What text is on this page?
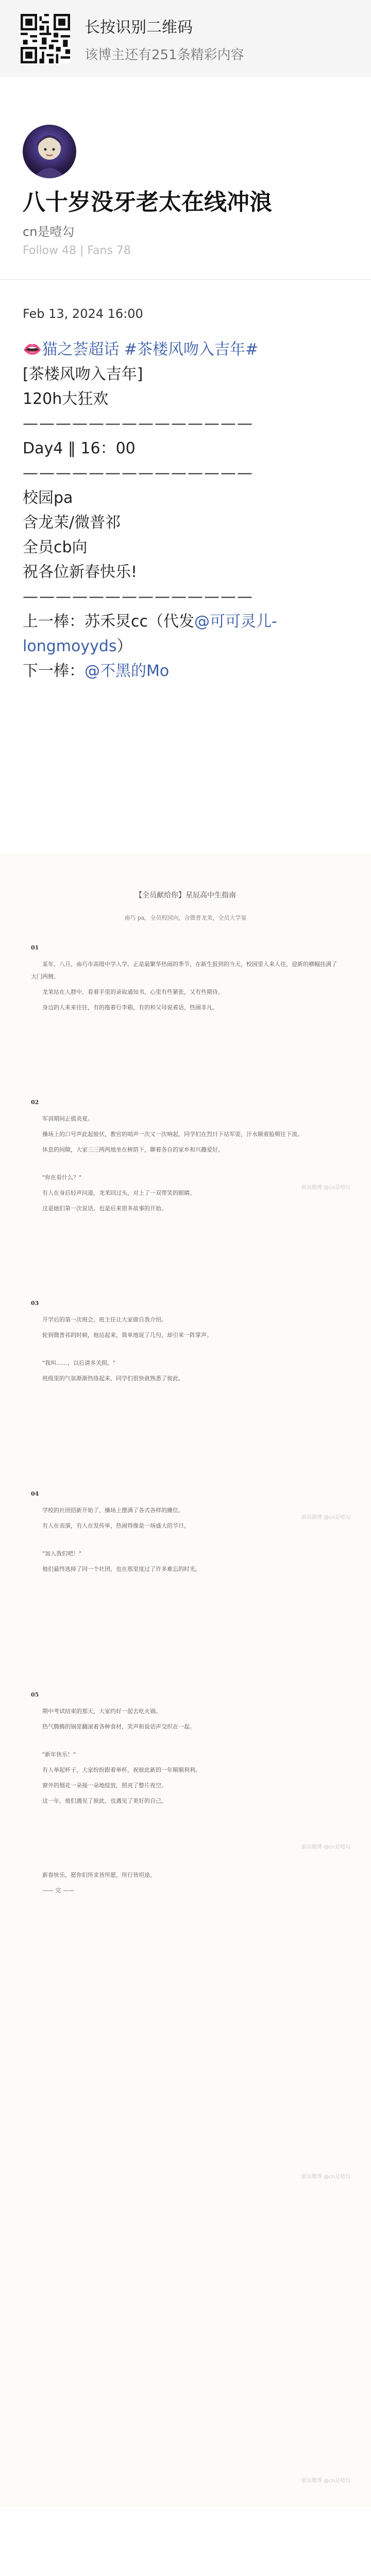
长按识别二维码
该博主还有251条精彩内容
八十岁没牙老太在线冲浪
cn是噎勾
Follow 48 | Fans 78

Feb 13, 2024 16:00

👄猫之荟超话 #茶楼风吻入吉年#

[茶楼风吻入吉年]

120h大狂欢

——————————————

Day4 ‖ 16：00

——————————————

校园pa

含龙茉/微普祁

全员cb向

祝各位新春快乐!

——————————————

上一棒：苏禾炅cc（代发@可可灵儿-longmoyyds）

下一棒：@不黑的Mo

【全员献给你】星辰高中生指南
南巧 pa，全员校园向，含微普龙茉，全员大学宴
01

某年，八月，南巧市高级中学入学。正是最繁华热闹的季节，在新生报到的当天，校园里人来人往，迎新的横幅挂满了大门两侧。

龙茉站在人群中，看着手里的录取通知书，心里有些紧张，又有些期待。

身边的人来来往往，有的拖着行李箱，有的和父母说着话，热闹非凡。

02

军训期间正值炎夏。

操场上的口号声此起彼伏，教官的哨声一次又一次响起，同学们在烈日下站军姿，汗水顺着脸颊往下流。

休息的间隙，大家三三两两地坐在树荫下，聊着各自的家乡和兴趣爱好。

"你在看什么？"

有人在身后轻声问道，龙茉回过头，对上了一双带笑的眼睛。

这是她们第一次说话，也是后来很多故事的开始。

03

开学后的第一次班会，班主任让大家做自我介绍。

轮到微普祁的时候，他站起来，简单地说了几句，却引来一阵掌声。

"我叫……，以后请多关照。"

班级里的气氛渐渐热络起来，同学们很快就熟悉了彼此。

04

学校的社团招新开始了，操场上摆满了各式各样的摊位。

有人在表演，有人在发传单，热闹得像是一场盛大的节日。

"加入我们吧！"

他们最终选择了同一个社团，也在那里度过了许多难忘的时光。

05

期中考试结束的那天，大家约好一起去吃火锅。

热气腾腾的锅里翻滚着各种食材，笑声和说话声交织在一起。

"新年快乐！"

有人举起杯子，大家纷纷跟着举杯，祝彼此新的一年顺顺利利。

窗外的烟花一朵接一朵地绽放，照亮了整片夜空。

这一年，他们遇见了彼此，也遇见了更好的自己。

新春快乐，愿你们所求皆所愿，所行皆坦途。

—— 完 ——

新浪微博 @cn是噎勾
新浪微博 @cn是噎勾
新浪微博 @cn是噎勾
新浪微博 @cn是噎勾
新浪微博 @cn是噎勾
